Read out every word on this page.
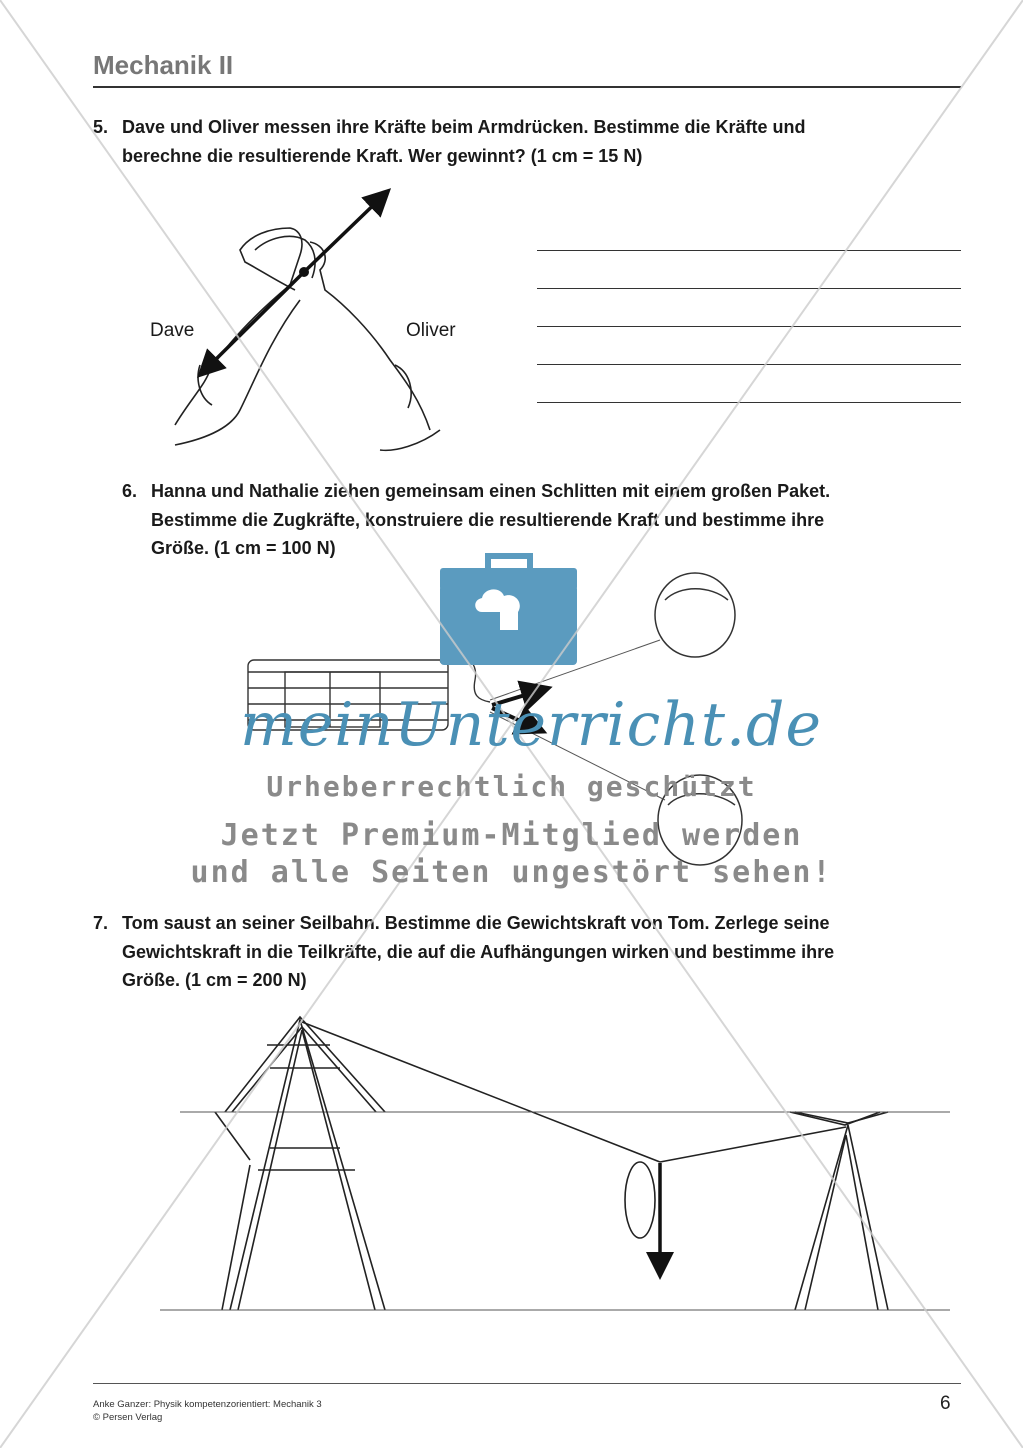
Mechanik II
5. Dave und Oliver messen ihre Kräfte beim Armdrücken. Bestimme die Kräfte und
berechne die resultierende Kraft. Wer gewinnt? (1 cm = 15 N)
Dave	Oliver
6. Hanna und Nathalie ziehen gemeinsam einen Schlitten mit einem großen Paket.
Bestimme die Zugkräfte, konstruiere die resultierende Kraft und bestimme ihre
Größe. (1 cm = 100 N)
7. Tom saust an seiner Seilbahn. Bestimme die Gewichtskraft von Tom. Zerlege seine
Gewichtskraft in die Teilkräfte, die auf die Aufhängungen wirken und bestimme ihre
Größe. (1 cm = 200 N)
meinUnterricht.de
Urheberrechtlich geschützt
Jetzt Premium-Mitglied werden
und alle Seiten ungestört sehen!
Anke Ganzer: Physik kompetenzorientiert: Mechanik 3
© Persen Verlag
6
